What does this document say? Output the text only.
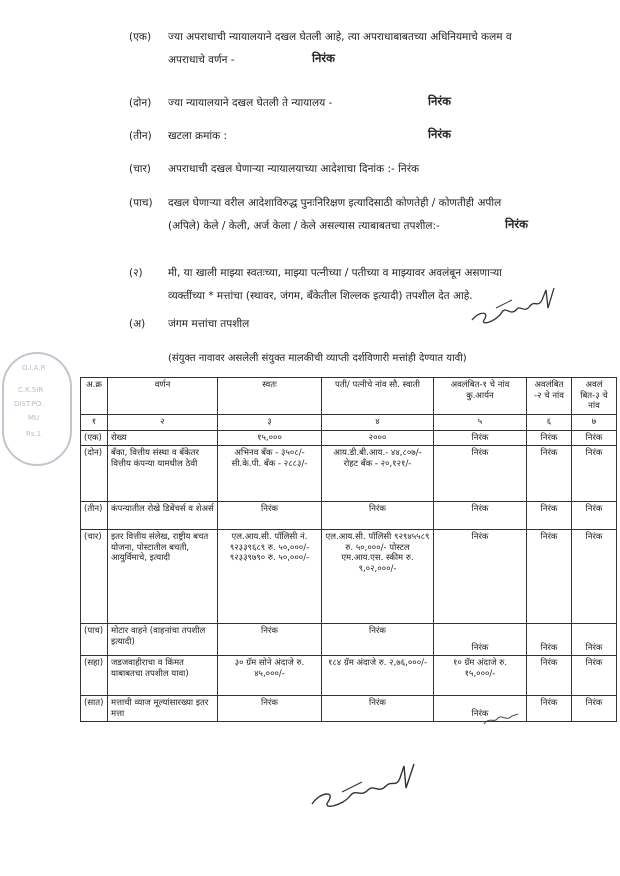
(एक) ज्या अपराधाची न्यायालयाने दखल घेतली आहे, त्या अपराधाबाबतच्या अधिनियमाचे कलम व
अपराधाचे वर्णन -	निरंक
(दोन) ज्या न्यायालयाने दखल घेतली ते न्यायालय -	निरंक
(तीन) खटला क्रमांक :	निरंक
(चार) अपराधाची दखल घेणाऱ्या न्यायालयाच्या आदेशाचा दिनांक :- निरंक
(पाच) दखल घेणाऱ्या वरील आदेशाविरुद्ध पुनःनिरिक्षण इत्यादिसाठी कोणतेही / कोणतीही अपील
(अपिले) केले / केली, अर्ज केला / केले असल्यास त्याबाबतचा तपशील:-	निरंक
(२) मी, या खाली माझ्या स्वतःच्या, माझ्या पत्नीच्या / पतीच्या व माझ्यावर अवलंबून असणाऱ्या
व्यक्तींच्या * मत्तांचा (स्थावर, जंगम, बँकेतील शिल्लक इत्यादी) तपशील देत आहे.
(अ) जंगम मत्तांचा तपशील
(संयुक्त नावावर असलेली संयुक्त मालकीची व्याप्ती दर्शविणारी मत्तांही देण्यात यावी)
O.I.A.R
C.K.SIR
DIST.PO.
MU
Rs.1
अ.क्र	वर्णन	स्वतः	पती/ पत्नीचे नांव सौ. स्वाती	अवलंबित-१ चे नांव कु.आर्यन	अवलंबित -२ चे नांव	अवलं बित-३ चे नांव
१	२	३	४	५	६	७
(एक)	रोख्य	१५,०००	२०००	निरंक	निरंक	निरंक
(दोन)	बँका, वित्तीय संस्था व बँकेतर वित्तीय कंपन्या यामधील ठेवी	अभिनव बँक - ३५०८/- सी.के.पी. बँक - २८८३/-	आय.डी.बी.आय.- ४४,८०७/- रोहट बँक - २०,१२१/-	निरंक	निरंक	निरंक
(तीन)	कंपन्यातील रोखे डिबेंचर्स व शेअर्स	निरंक	निरंक	निरंक	निरंक	निरंक
(चार)	इतर वित्तीय संलेख, राष्ट्रीय बचत योजना, पोस्टातील बचती, आयुर्विमाचे, इत्यादी	एल.आय.सी. पॉलिसी नं. ९२३३९६८९ रु. ५०,०००/- ९२३३९७९० रु. ५०,०००/-	एल.आय.सी. पॉलिसी ९२९४५५८९ रु. ५०,०००/- पोस्टल एम.आय.एस. स्कीम रु. ९,०२,०००/-	निरंक	निरंक	निरंक
(पाच)	मोटार वाहने (वाहनांचा तपशील इत्यादी)	निरंक	निरंक	निरंक	निरंक	निरंक
(सहा)	जडजवाहीराचा व किंमत याबाबतचा तपशील यावा)	३० ग्रॅम सोने अंदाजे रु. ४५,०००/-	१८४ ग्रॅम अंदाजे रु. २,७६,०००/-	१० ग्रॅम अंदाजे रु. १५,०००/-	निरंक	निरंक
(सात)	मत्ताची व्याज मूल्यांसारख्या इतर मत्ता	निरंक	निरंक	निरंक	निरंक	निरंक
